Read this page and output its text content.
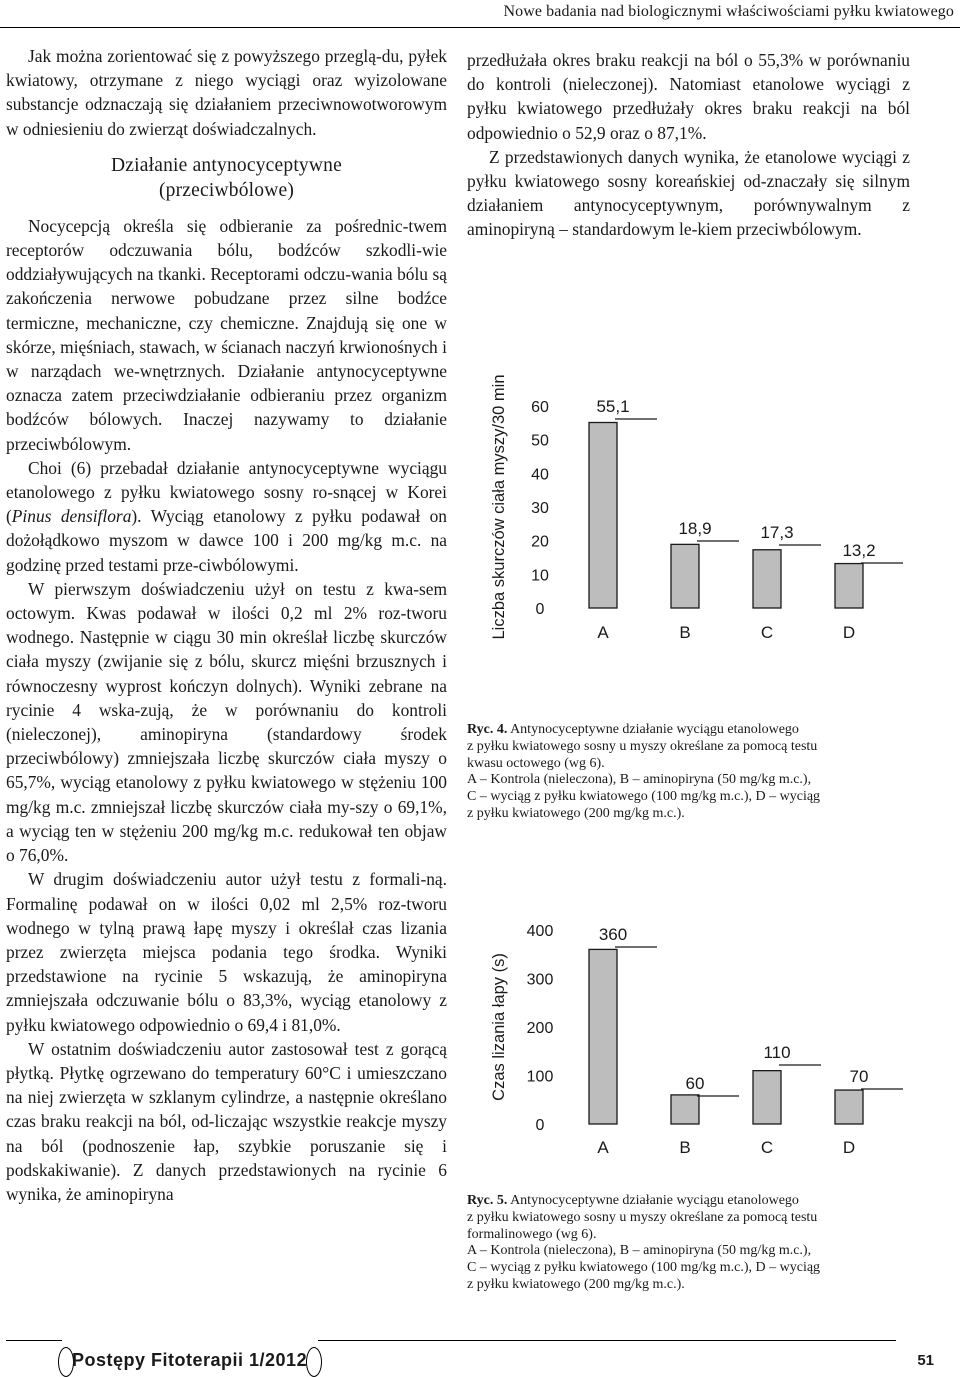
Nowe badania nad biologicznymi właściwościami pyłku kwiatowego

Jak można zorientować się z powyższego przeglą-du, pyłek kwiatowy, otrzymane z niego wyciągi oraz wyizolowane substancje odznaczają się działaniem przeciwnowotworowym w odniesieniu do zwierząt doświadczalnych.

Działanie antynocyceptywne
(przeciwbólowe)

Nocycepcją określa się odbieranie za pośrednic-twem receptorów odczuwania bólu, bodźców szkodli-wie oddziaływujących na tkanki. Receptorami odczu-wania bólu są zakończenia nerwowe pobudzane przez silne bodźce termiczne, mechaniczne, czy chemiczne. Znajdują się one w skórze, mięśniach, stawach, w ścianach naczyń krwionośnych i w narządach we-wnętrznych. Działanie antynocyceptywne oznacza zatem przeciwdziałanie odbieraniu przez organizm bodźców bólowych. Inaczej nazywamy to działanie przeciwbólowym.

Choi (6) przebadał działanie antynocyceptywne wyciągu etanolowego z pyłku kwiatowego sosny ro-snącej w Korei (Pinus densiflora). Wyciąg etanolowy z pyłku podawał on dożołądkowo myszom w dawce 100 i 200 mg/kg m.c. na godzinę przed testami prze-ciwbólowymi.

W pierwszym doświadczeniu użył on testu z kwa-sem octowym. Kwas podawał w ilości 0,2 ml 2% roz-tworu wodnego. Następnie w ciągu 30 min określał liczbę skurczów ciała myszy (zwijanie się z bólu, skurcz mięśni brzusznych i równoczesny wyprost kończyn dolnych). Wyniki zebrane na rycinie 4 wska-zują, że w porównaniu do kontroli (nieleczonej), aminopiryna (standardowy środek przeciwbólowy) zmniejszała liczbę skurczów ciała myszy o 65,7%, wyciąg etanolowy z pyłku kwiatowego w stężeniu 100 mg/kg m.c. zmniejszał liczbę skurczów ciała my-szy o 69,1%, a wyciąg ten w stężeniu 200 mg/kg m.c. redukował ten objaw o 76,0%.

W drugim doświadczeniu autor użył testu z formali-ną. Formalinę podawał on w ilości 0,02 ml 2,5% roz-tworu wodnego w tylną prawą łapę myszy i określał czas lizania przez zwierzęta miejsca podania tego środka. Wyniki przedstawione na rycinie 5 wskazują, że aminopiryna zmniejszała odczuwanie bólu o 83,3%, wyciąg etanolowy z pyłku kwiatowego odpowiednio o 69,4 i 81,0%.

W ostatnim doświadczeniu autor zastosował test z gorącą płytką. Płytkę ogrzewano do temperatury 60°C i umieszczano na niej zwierzęta w szklanym cylindrze, a następnie określano czas braku reakcji na ból, od-liczając wszystkie reakcje myszy na ból (podnoszenie łap, szybkie poruszanie się i podskakiwanie). Z danych przedstawionych na rycinie 6 wynika, że aminopiryna

przedłużała okres braku reakcji na ból o 55,3% w porównaniu do kontroli (nieleczonej). Natomiast etanolowe wyciągi z pyłku kwiatowego przedłużały okres braku reakcji na ból odpowiednio o 52,9 oraz o 87,1%.

Z przedstawionych danych wynika, że etanolowe wyciągi z pyłku kwiatowego sosny koreańskiej od-znaczały się silnym działaniem antynocyceptywnym, porównywalnym z aminopiryną – standardowym le-kiem przeciwbólowym.

Liczba skurczów ciała myszy/30 min 0
10
20
30
40
50
60
A
55,1
B
18,9
C
17,3
D
13,2
Ryc. 4. Antynocyceptywne działanie wyciągu etanolowego
z pyłku kwiatowego sosny u myszy określane za pomocą testu
kwasu octowego (wg 6).
A – Kontrola (nieleczona), B – aminopiryna (50 mg/kg m.c.),
C – wyciąg z pyłku kwiatowego (100 mg/kg m.c.), D – wyciąg
z pyłku kwiatowego (200 mg/kg m.c.).
Czas lizania łapy (s)
0
100
200
300
400
A
360
B
60
C
110
D
70
Ryc. 5. Antynocyceptywne działanie wyciągu etanolowego
z pyłku kwiatowego sosny u myszy określane za pomocą testu
formalinowego (wg 6).
A – Kontrola (nieleczona), B – aminopiryna (50 mg/kg m.c.),
C – wyciąg z pyłku kwiatowego (100 mg/kg m.c.), D – wyciąg
z pyłku kwiatowego (200 mg/kg m.c.).
Postępy Fitoterapii 1/2012	51
